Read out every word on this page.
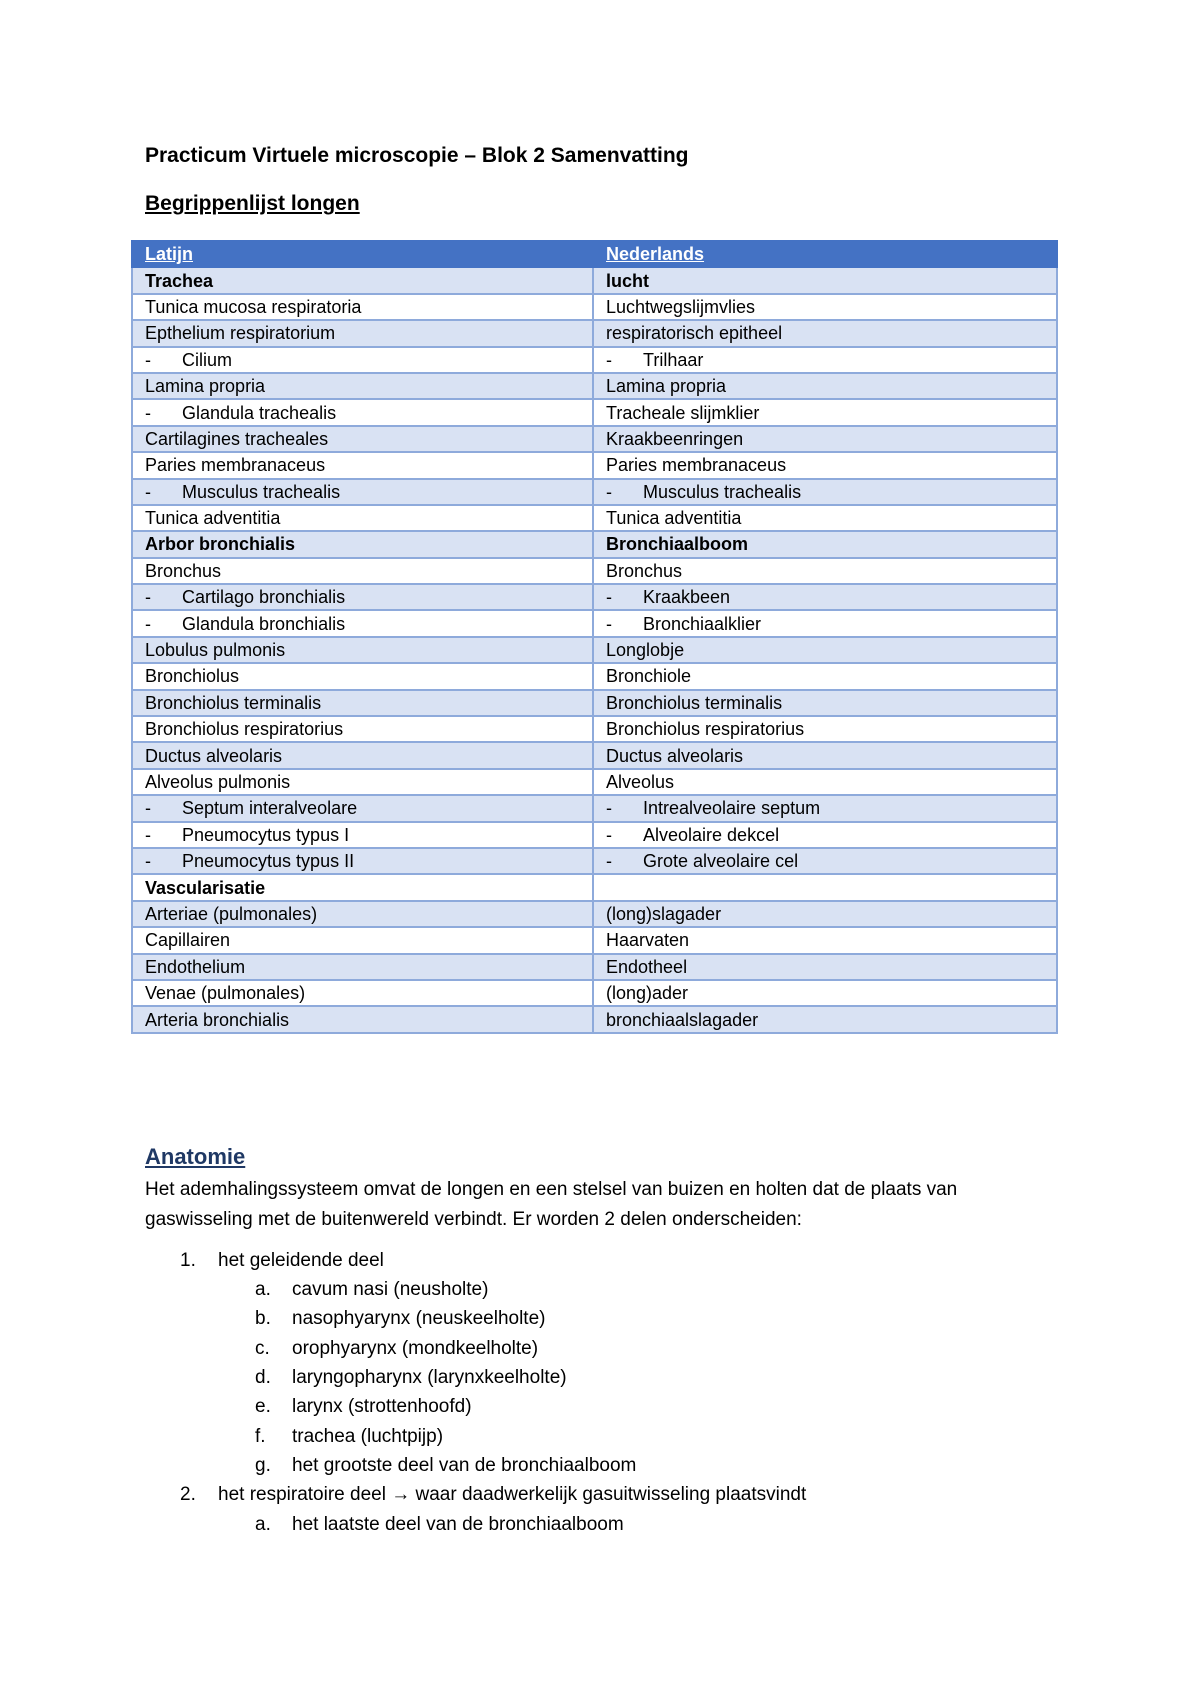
Practicum Virtuele microscopie – Blok 2 Samenvatting
Begrippenlijst longen
Latijn	Nederlands
Trachea	lucht
Tunica mucosa respiratoria	Luchtwegslijmvlies
Epthelium respiratorium	respiratorisch epitheel
- Cilium	- Trilhaar
Lamina propria	Lamina propria
- Glandula trachealis	Tracheale slijmklier
Cartilagines tracheales	Kraakbeenringen
Paries membranaceus	Paries membranaceus
- Musculus trachealis	- Musculus trachealis
Tunica adventitia	Tunica adventitia
Arbor bronchialis	Bronchiaalboom
Bronchus	Bronchus
- Cartilago bronchialis	- Kraakbeen
- Glandula bronchialis	- Bronchiaalklier
Lobulus pulmonis	Longlobje
Bronchiolus	Bronchiole
Bronchiolus terminalis	Bronchiolus terminalis
Bronchiolus respiratorius	Bronchiolus respiratorius
Ductus alveolaris	Ductus alveolaris
Alveolus pulmonis	Alveolus
- Septum interalveolare	- Intrealveolaire septum
- Pneumocytus typus I	- Alveolaire dekcel
- Pneumocytus typus II	- Grote alveolaire cel
Vascularisatie	
Arteriae (pulmonales)	(long)slagader
Capillairen	Haarvaten
Endothelium	Endotheel
Venae (pulmonales)	(long)ader
Arteria bronchialis	bronchiaalslagader
Anatomie

Het ademhalingssysteem omvat de longen en een stelsel van buizen en holten dat de plaats van
gaswisseling met de buitenwereld verbindt. Er worden 2 delen onderscheiden:

1.	het geleidende deel
a.	cavum nasi (neusholte)
b.	nasophyarynx (neuskeelholte)
c.	orophyarynx (mondkeelholte)
d.	laryngopharynx (larynxkeelholte)
e.	larynx (strottenhoofd)
f.	trachea (luchtpijp)
g.	het grootste deel van de bronchiaalboom
2.	het respiratoire deel → waar daadwerkelijk gasuitwisseling plaatsvindt
a.	het laatste deel van de bronchiaalboom
